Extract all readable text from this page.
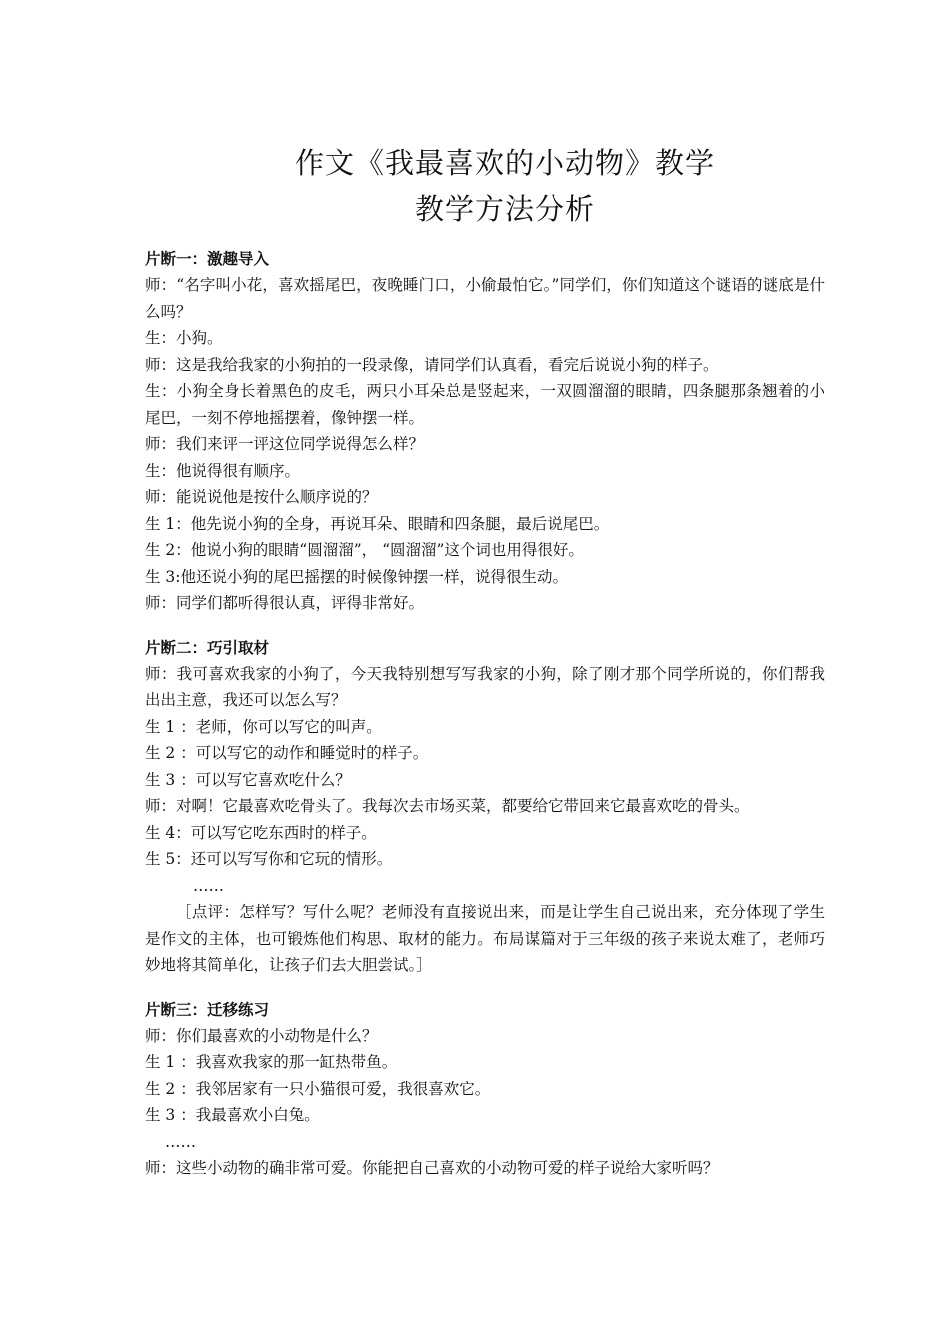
作文《我最喜欢的小动物》教学
教学方法分析

片断一：激趣导入

师：“名字叫小花，喜欢摇尾巴，夜晚睡门口，小偷最怕它。”同学们，你们知道这个谜语的谜底是什么吗？

生：小狗。

师：这是我给我家的小狗拍的一段录像，请同学们认真看，看完后说说小狗的样子。

生：小狗全身长着黑色的皮毛，两只小耳朵总是竖起来，一双圆溜溜的眼睛，四条腿那条翘着的小尾巴，一刻不停地摇摆着，像钟摆一样。

师：我们来评一评这位同学说得怎么样？

生：他说得很有顺序。

师：能说说他是按什么顺序说的？

生 1：他先说小狗的全身，再说耳朵、眼睛和四条腿，最后说尾巴。

生 2：他说小狗的眼睛“圆溜溜”， “圆溜溜”这个词也用得很好。

生 3:他还说小狗的尾巴摇摆的时候像钟摆一样，说得很生动。

师：同学们都听得很认真，评得非常好。

片断二：巧引取材

师：我可喜欢我家的小狗了，今天我特别想写写我家的小狗，除了刚才那个同学所说的，你们帮我出出主意，我还可以怎么写？

生 1 ：老师，你可以写它的叫声。

生 2 ：可以写它的动作和睡觉时的样子。

生 3 ：可以写它喜欢吃什么？

师：对啊！它最喜欢吃骨头了。我每次去市场买菜，都要给它带回来它最喜欢吃的骨头。

生 4：可以写它吃东西时的样子。

生 5：还可以写写你和它玩的情形。

……

［点评：怎样写？写什么呢？老师没有直接说出来，而是让学生自己说出来，充分体现了学生是作文的主体，也可锻炼他们构思、取材的能力。布局谋篇对于三年级的孩子来说太难了，老师巧妙地将其简单化，让孩子们去大胆尝试。］

片断三：迁移练习

师：你们最喜欢的小动物是什么？

生 1 ：我喜欢我家的那一缸热带鱼。

生 2 ：我邻居家有一只小猫很可爱，我很喜欢它。

生 3 ：我最喜欢小白兔。

……

师：这些小动物的确非常可爱。你能把自己喜欢的小动物可爱的样子说给大家听吗？
